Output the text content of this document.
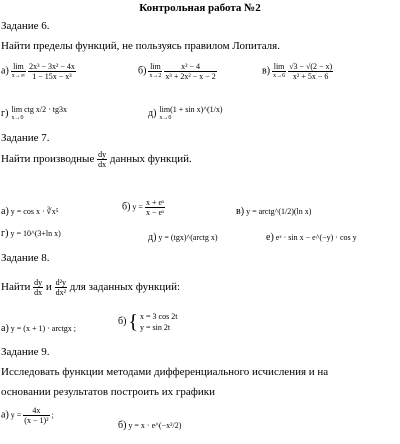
Контрольная работа №2
Задание 6.
Найти пределы функций, не пользуясь правилом Лопиталя.
$а) \frac{\lim}{x\to\infty}$
$\frac{\text{2x³ − 3x² − 4x}}{\text{1 − 15x − x³}}$	$б) \frac{\lim}{x\to 2}$
$\frac{\text{x² − 4}}{\text{x³ + 2x² − x − 2}}$	$в) \frac{\lim}{x\to 6}$
$\frac{√3 - √(2 - x)}{\text{x² + 5x − 6}}$
г) lim ctg x/2 · tg3x
x→0	д) lim(1 + sin x)^(1/x)
x→0
Задание 7.
Найти производные $\frac{dy}{dx}$ данных функций.
а) y = cos x · ∛x⁵	б) $y = \frac{\text{x + eˣ}}{\text{x − eˣ}}$	в) y = arctg^(1/2)(ln x)
г) y = 10^(3+ln x)	д) y = (tgx)^(arctg x)	е) eˣ · sin x − e^(−y) · cos y
Задание 8.
Найти $\frac{dy}{dx}$ и $\frac{\text{d²y}}{\text{dx²}}$ для заданных функций:
а) y = (x + 1) · arctgx ;
б) { x = 3 cos 2t
y = sin 2t
Задание 9.
Исследовать функции методами дифференциального исчисления и на
основании результатов построить их графики
а) $y = \frac{4x}{\text{(x − 1)²}}$ ;
б) y = x · e^(−x²/2)
